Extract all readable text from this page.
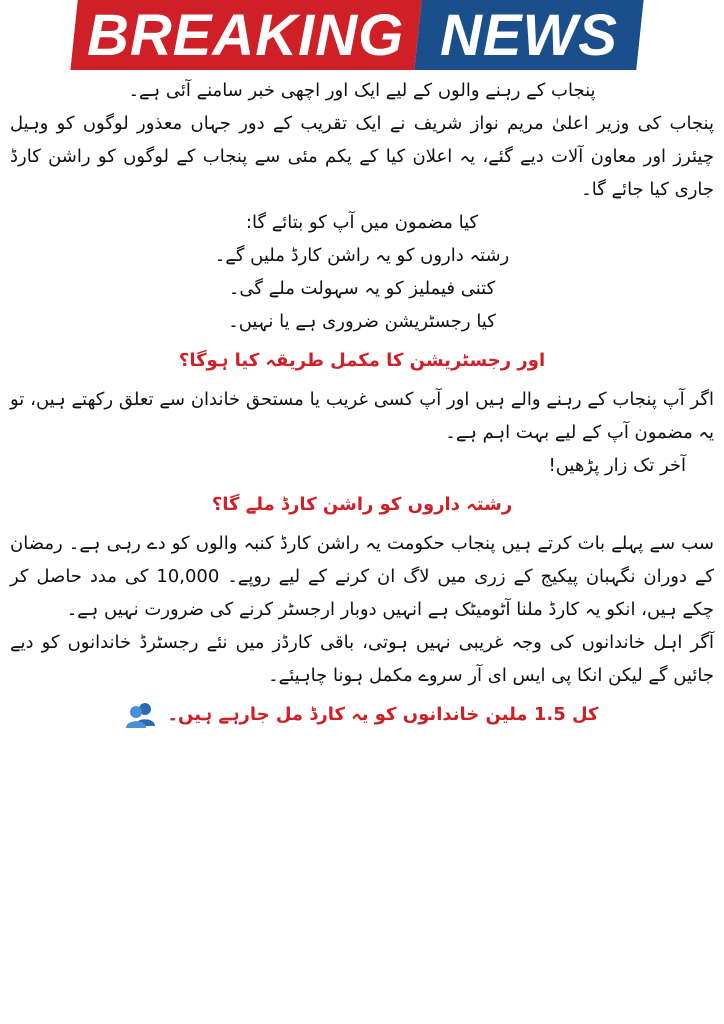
BREAKING NEWS

پنجاب کے رہنے والوں کے لیے ایک اور اچھی خبر سامنے آئی ہے۔

پنجاب کی وزیر اعلیٰ مریم نواز شریف نے ایک تقریب کے دور جہاں معذور لوگوں کو وہیل چیئرز اور معاون آلات دیے گئے، یہ اعلان کیا کے یکم مئی سے پنجاب کے لوگوں کو راشن کارڈ جاری کیا جائے گا۔

کیا مضمون میں آپ کو بتائے گا:

رشتہ داروں کو یہ راشن کارڈ ملیں گے۔

کتنی فیملیز کو یہ سہولت ملے گی۔

کیا رجسٹریشن ضروری ہے یا نہیں۔

اور رجسٹریشن کا مکمل طریقہ کیا ہوگا؟

اگر آپ پنجاب کے رہنے والے ہیں اور آپ کسی غریب یا مستحق خاندان سے تعلق رکھتے ہیں، تو یہ مضمون آپ کے لیے بہت اہم ہے۔

آخر تک زار پڑھیں!

رشتہ داروں کو راشن کارڈ ملے گا؟

سب سے پہلے بات کرتے ہیں پنجاب حکومت یہ راشن کارڈ کنبہ والوں کو دے رہی ہے۔ رمضان کے دوران نگہبان پیکیج کے زری میں لاگ ان کرنے کے لیے روپے۔ 10,000 کی مدد حاصل کر چکے ہیں، انکو یہ کارڈ ملنا آٹومیٹک ہے انہیں دوبار ارجسٹر کرنے کی ضرورت نہیں ہے۔

آگر اہل خاندانوں کی وجہ غریبی نہیں ہوتی، باقی کارڈز میں نئے رجسٹرڈ خاندانوں کو دیے جائیں گے لیکن انکا پی ایس ای آر سروے مکمل ہونا چاہیئے۔

کل 1.5 ملین خاندانوں کو یہ کارڈ مل جارہے ہیں۔
